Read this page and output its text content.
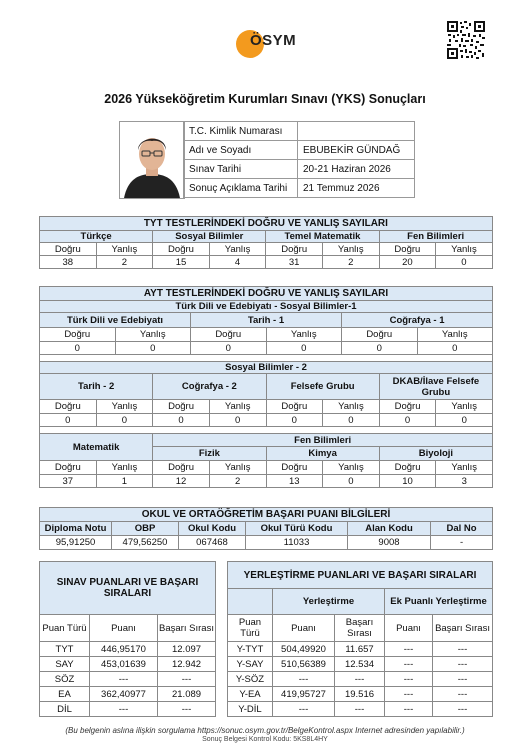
ÖSYM
2026 Yükseköğretim Kurumları Sınavı (YKS) Sonuçları
T.C. Kimlik Numarası	
Adı ve Soyadı	EBUBEKİR GÜNDAĞ
Sınav Tarihi	20-21 Haziran 2026
Sonuç Açıklama Tarihi	21 Temmuz 2026
TYT TESTLERİNDEKİ DOĞRU VE YANLIŞ SAYILARI							
Türkçe		Sosyal Bilimler		Temel Matematik		Fen Bilimleri	
Doğru	Yanlış	Doğru	Yanlış	Doğru	Yanlış	Doğru	Yanlış
38	2	15	4	31	2	20	0
AYT TESTLERİNDEKİ DOĞRU VE YANLIŞ SAYILARI											
Türk Dili ve Edebiyatı - Sosyal Bilimler-1											
Türk Dili ve Edebiyatı				Tarih - 1				Coğrafya - 1			
Doğru		Yanlış		Doğru		Yanlış		Doğru		Yanlış	
0		0		0		0		0		0	

Sosyal Bilimler - 2											
Tarih - 2			Coğrafya - 2			Felsefe Grubu			DKAB/İlave Felsefe Grubu		
Doğru	Yanlış		Doğru		Yanlış	Doğru	Yanlış		Doğru		Yanlış
0	0		0		0	0	0		0		0

Matematik			Fen Bilimleri								
			Fizik			Kimya			Biyoloji		
Doğru	Yanlış		Doğru		Yanlış	Doğru	Yanlış		Doğru		Yanlış
37	1		12		2	13	0		10		3
OKUL VE ORTAÖĞRETİM BAŞARI PUANI BİLGİLERİ					
Diploma Notu	OBP	Okul Kodu	Okul Türü Kodu	Alan Kodu	Dal No
95,91250	479,56250	067468	11033	9008	-
SINAV PUANLARI VE BAŞARI SIRALARI		
Puan Türü	Puanı	Başarı Sırası
TYT	446,95170	12.097
SAY	453,01639	12.942
SÖZ	---	---
EA	362,40977	21.089
DİL	---	---
YERLEŞTİRME PUANLARI VE BAŞARI SIRALARI				
	Yerleştirme		Ek Puanlı Yerleştirme	
Puan Türü	Puanı	Başarı Sırası	Puanı	Başarı Sırası
Y-TYT	504,49920	11.657	---	---
Y-SAY	510,56389	12.534	---	---
Y-SÖZ	---	---	---	---
Y-EA	419,95727	19.516	---	---
Y-DİL	---	---	---	---
(Bu belgenin aslına ilişkin sorgulama https://sonuc.osym.gov.tr/BelgeKontrol.aspx Internet adresinden yapılabilir.)
Sonuç Belgesi Kontrol Kodu: 5KS8L4HY
